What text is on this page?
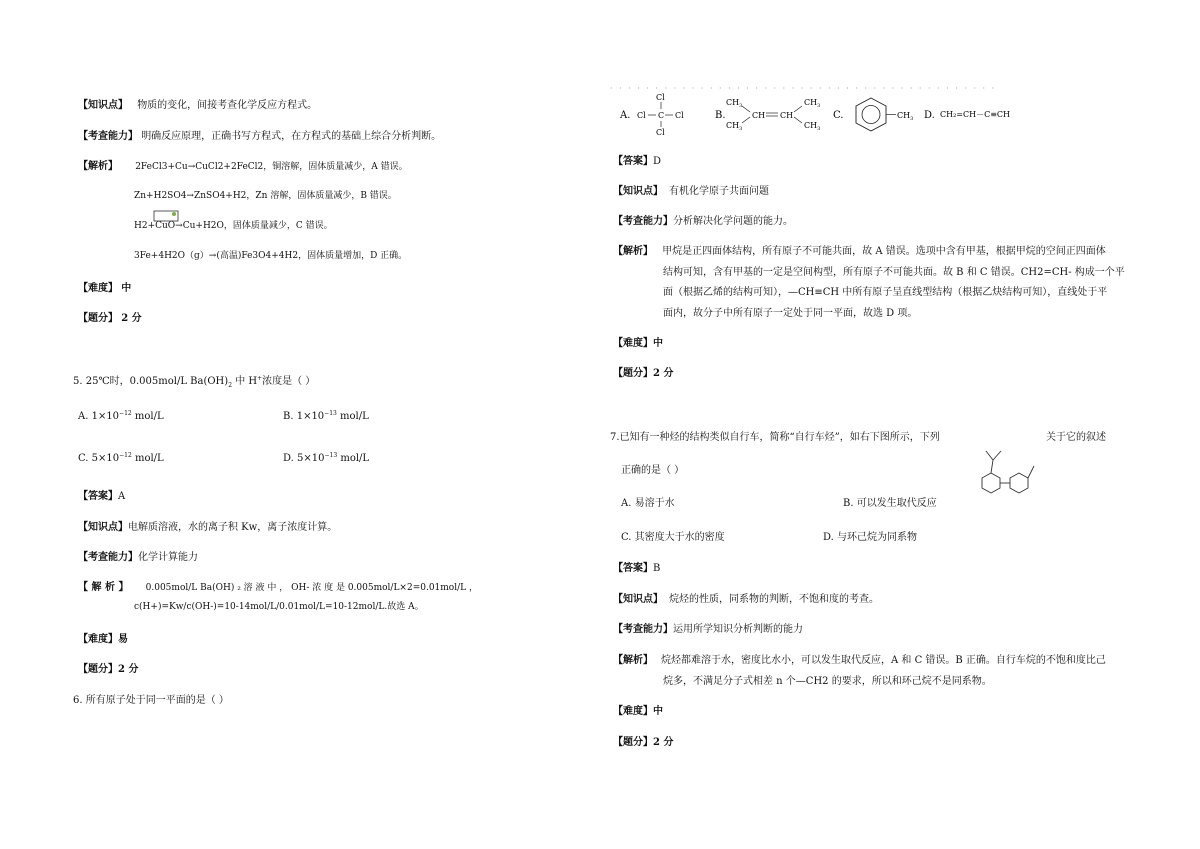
【知识点】 物质的变化，间接考查化学反应方程式。
【考查能力】 明确反应原理，正确书写方程式，在方程式的基础上综合分析判断。
【解析】 2FeCl3+Cu→CuCl2+2FeCl2，铜溶解，固体质量减少，A 错误。
Zn+H2SO4→ZnSO4+H2，Zn 溶解，固体质量减少，B 错误。
H2+CuO→Cu+H2O，固体质量减少，C 错误。
3Fe+4H2O（g）→(高温)Fe3O4+4H2，固体质量增加，D 正确。
【难度】 中
【题分】 2 分
5. 25℃时，0.005mol/L $Ba(OH)_2$ 中 H+浓度是（ ）
A. $1\times 10^{-12}$ mol/L	B. $1\times 10^{-13}$ mol/L
C. $5\times 10^{-12}$ mol/L	D. $5\times 10^{-13}$ mol/L
【答案】A
【知识点】电解质溶液，水的离子积 Kw，离子浓度计算。
【考查能力】化学计算能力
【 解 析 】 0.005mol/L Ba(OH) ₂ 溶 液 中 ， OH- 浓 度 是 0.005mol/L×2=0.01mol/L ，
c(H+)=Kw/c(OH-)=10-14mol/L/0.01mol/L=10-12mol/L.故选 A。
【难度】易
【题分】2 分
6. 所有原子处于同一平面的是（ ）
· · · · · · · · · · · · · · · · · · · · · · · · · · · · · · · · · · · · · · · · · · ·
A. Cl C Cl
Cl
Cl
B.
$CH_3$
$CH_3$
CH CH
$CH_3$
$CH_3$
C.	$CH_3$ D. CH₂=CH－C≡CH
【答案】D
【知识点】 有机化学原子共面问题
【考查能力】分析解决化学问题的能力。
【解析】 甲烷是正四面体结构，所有原子不可能共面，故 A 错误。选项中含有甲基，根据甲烷的空间正四面体
结构可知，含有甲基的一定是空间构型，所有原子不可能共面。故 B 和 C 错误。CH2=CH- 构成一个平
面（根据乙烯的结构可知），—CH≡CH 中所有原子呈直线型结构（根据乙炔结构可知），直线处于平
面内，故分子中所有原子一定处于同一平面，故选 D 项。
【难度】中
【题分】2 分
7.已知有一种烃的结构类似自行车，简称“自行车烃”，如右下图所示，下列	关于它的叙述
正确的是（ ）
A. 易溶于水	B. 可以发生取代反应
C. 其密度大于水的密度	D. 与环己烷为同系物
【答案】B
【知识点】 烷烃的性质，同系物的判断，不饱和度的考查。
【考查能力】运用所学知识分析判断的能力
【解析】 烷烃都难溶于水，密度比水小，可以发生取代反应，A 和 C 错误。B 正确。自行车烷的不饱和度比己
烷多，不满足分子式相差 n 个—CH2 的要求，所以和环己烷不是同系物。
【难度】中
【题分】2 分
